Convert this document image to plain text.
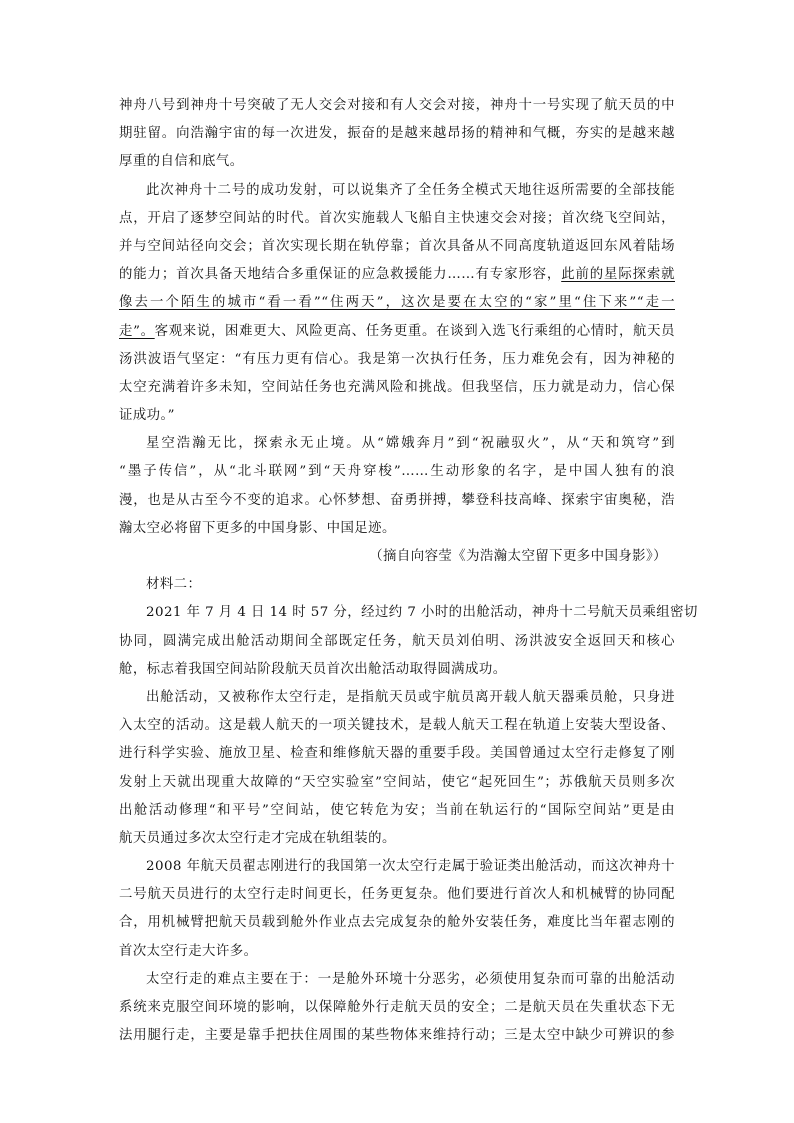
神舟八号到神舟十号突破了无人交会对接和有人交会对接，神舟十一号实现了航天员的中
期驻留。向浩瀚宇宙的每一次进发，振奋的是越来越昂扬的精神和气概，夯实的是越来越
厚重的自信和底气。
此次神舟十二号的成功发射，可以说集齐了全任务全模式天地往返所需要的全部技能
点，开启了逐梦空间站的时代。首次实施载人飞船自主快速交会对接；首次绕飞空间站，
并与空间站径向交会；首次实现长期在轨停靠；首次具备从不同高度轨道返回东风着陆场
的能力；首次具备天地结合多重保证的应急救援能力……有专家形容，此前的星际探索就
像去一个陌生的城市“看一看”“住两天”，这次是要在太空的“家”里“住下来”“走一
走”。客观来说，困难更大、风险更高、任务更重。在谈到入选飞行乘组的心情时，航天员
汤洪波语气坚定：“有压力更有信心。我是第一次执行任务，压力难免会有，因为神秘的
太空充满着许多未知，空间站任务也充满风险和挑战。但我坚信，压力就是动力，信心保
证成功。”
星空浩瀚无比，探索永无止境。从“嫦娥奔月”到“祝融驭火”，从“天和筑穹”到
“墨子传信”，从“北斗联网”到“天舟穿梭”……生动形象的名字，是中国人独有的浪
漫，也是从古至今不变的追求。心怀梦想、奋勇拼搏，攀登科技高峰、探索宇宙奥秘，浩
瀚太空必将留下更多的中国身影、中国足迹。
（摘自向容莹《为浩瀚太空留下更多中国身影》）
材料二：
2021 年 7 月 4 日 14 时 57 分，经过约 7 小时的出舱活动，神舟十二号航天员乘组密切
协同，圆满完成出舱活动期间全部既定任务，航天员刘伯明、汤洪波安全返回天和核心
舱，标志着我国空间站阶段航天员首次出舱活动取得圆满成功。
出舱活动，又被称作太空行走，是指航天员或宇航员离开载人航天器乘员舱，只身进
入太空的活动。这是载人航天的一项关键技术，是载人航天工程在轨道上安装大型设备、
进行科学实验、施放卫星、检查和维修航天器的重要手段。美国曾通过太空行走修复了刚
发射上天就出现重大故障的“天空实验室”空间站，使它“起死回生”；苏俄航天员则多次
出舱活动修理“和平号”空间站，使它转危为安；当前在轨运行的“国际空间站”更是由
航天员通过多次太空行走才完成在轨组装的。
2008 年航天员翟志刚进行的我国第一次太空行走属于验证类出舱活动，而这次神舟十
二号航天员进行的太空行走时间更长，任务更复杂。他们要进行首次人和机械臂的协同配
合，用机械臂把航天员载到舱外作业点去完成复杂的舱外安装任务，难度比当年翟志刚的
首次太空行走大许多。
太空行走的难点主要在于：一是舱外环境十分恶劣，必须使用复杂而可靠的出舱活动
系统来克服空间环境的影响，以保障舱外行走航天员的安全；二是航天员在失重状态下无
法用腿行走，主要是靠手把扶住周围的某些物体来维持行动；三是太空中缺少可辨识的参
